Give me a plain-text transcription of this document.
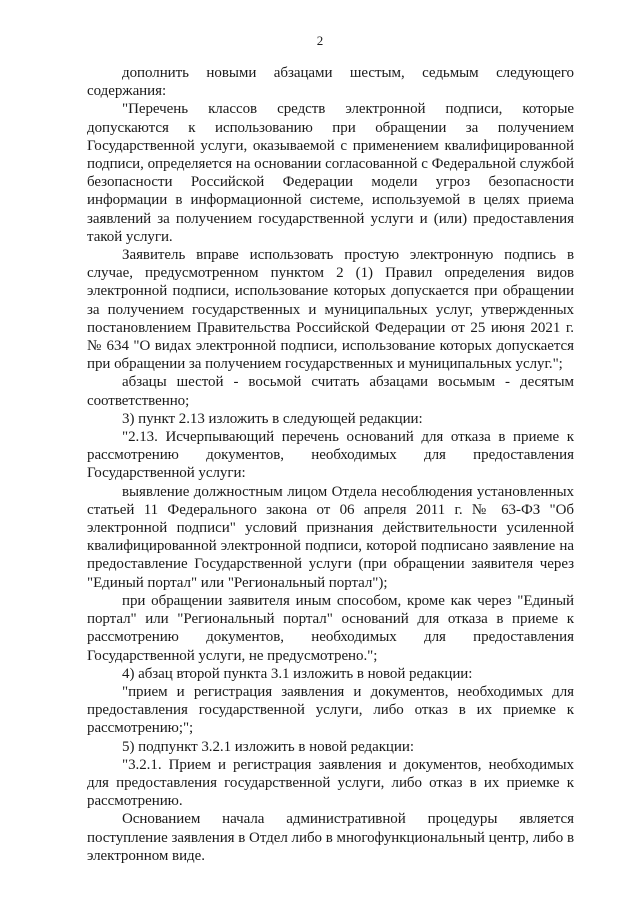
2

дополнить новыми абзацами шестым, седьмым следующего содержания:

"Перечень классов средств электронной подписи, которые допускаются к использованию при обращении за получением Государственной услуги, оказываемой с применением квалифицированной подписи, определяется на основании согласованной с Федеральной службой безопасности Российской Федерации модели угроз безопасности информации в информационной системе, используемой в целях приема заявлений за получением государственной услуги и (или) предоставления такой услуги.

Заявитель вправе использовать простую электронную подпись в случае, предусмотренном пунктом 2 (1) Правил определения видов электронной подписи, использование которых допускается при обращении за получением государственных и муниципальных услуг, утвержденных постановлением Правительства Российской Федерации от 25 июня 2021 г. № 634 "О видах электронной подписи, использование которых допускается при обращении за получением государственных и муниципальных услуг.";

абзацы шестой - восьмой считать абзацами восьмым - десятым соответственно;

3) пункт 2.13 изложить в следующей редакции:

"2.13. Исчерпывающий перечень оснований для отказа в приеме к рассмотрению документов, необходимых для предоставления Государственной услуги:

выявление должностным лицом Отдела несоблюдения установленных статьей 11 Федерального закона от 06 апреля 2011 г. № 63-ФЗ "Об электронной подписи" условий признания действительности усиленной квалифицированной электронной подписи, которой подписано заявление на предоставление Государственной услуги (при обращении заявителя через "Единый портал" или "Региональный портал");

при обращении заявителя иным способом, кроме как через "Единый портал" или "Региональный портал" оснований для отказа в приеме к рассмотрению документов, необходимых для предоставления Государственной услуги, не предусмотрено.";

4) абзац второй пункта 3.1 изложить в новой редакции:

"прием и регистрация заявления и документов, необходимых для предоставления государственной услуги, либо отказ в их приемке к рассмотрению;";

5) подпункт 3.2.1 изложить в новой редакции:

"3.2.1. Прием и регистрация заявления и документов, необходимых для предоставления государственной услуги, либо отказ в их приемке к рассмотрению.

Основанием начала административной процедуры является поступление заявления в Отдел либо в многофункциональный центр, либо в электронном виде.
